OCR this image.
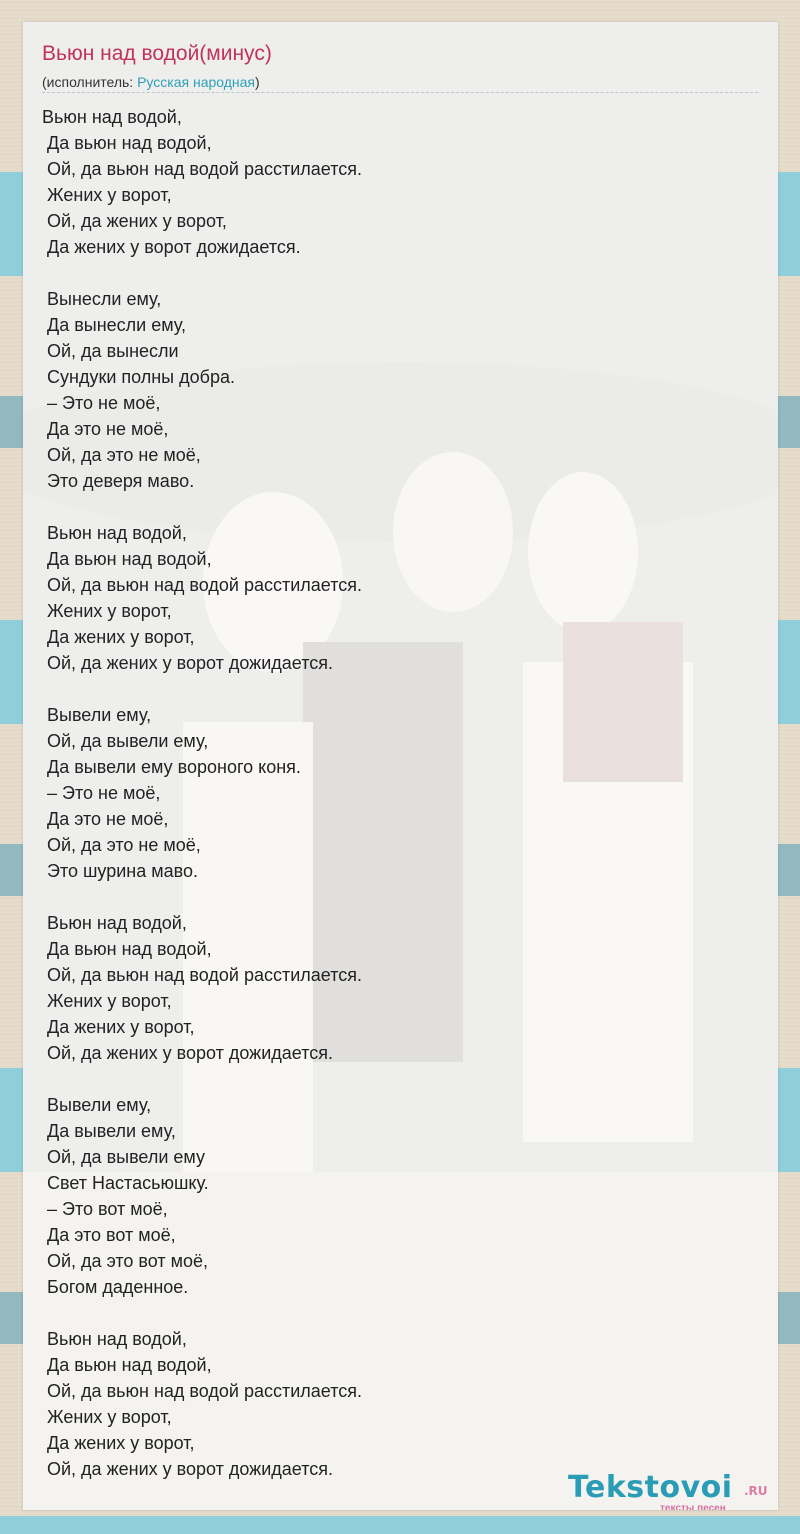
Вьюн над водой(минус)
(исполнитель: Русская народная)
Вьюн над водой,
Да вьюн над водой,
Ой, да вьюн над водой расстилается.
Жених у ворот,
Ой, да жених у ворот,
Да жених у ворот дожидается.
Вынесли ему,
Да вынесли ему,
Ой, да вынесли
Сундуки полны добра.
– Это не моё,
Да это не моё,
Ой, да это не моё,
Это деверя маво.
Вьюн над водой,
Да вьюн над водой,
Ой, да вьюн над водой расстилается.
Жених у ворот,
Да жених у ворот,
Ой, да жених у ворот дожидается.
Вывели ему,
Ой, да вывели ему,
Да вывели ему вороного коня.
– Это не моё,
Да это не моё,
Ой, да это не моё,
Это шурина маво.
Вьюн над водой,
Да вьюн над водой,
Ой, да вьюн над водой расстилается.
Жених у ворот,
Да жених у ворот,
Ой, да жених у ворот дожидается.
Вывели ему,
Да вывели ему,
Ой, да вывели ему
Свет Настасьюшку.
– Это вот моё,
Да это вот моё,
Ой, да это вот моё,
Богом даденное.
Вьюн над водой,
Да вьюн над водой,
Ой, да вьюн над водой расстилается.
Жених у ворот,
Да жених у ворот,
Ой, да жених у ворот дожидается.
Tekstovoi .RU
тексты песен
